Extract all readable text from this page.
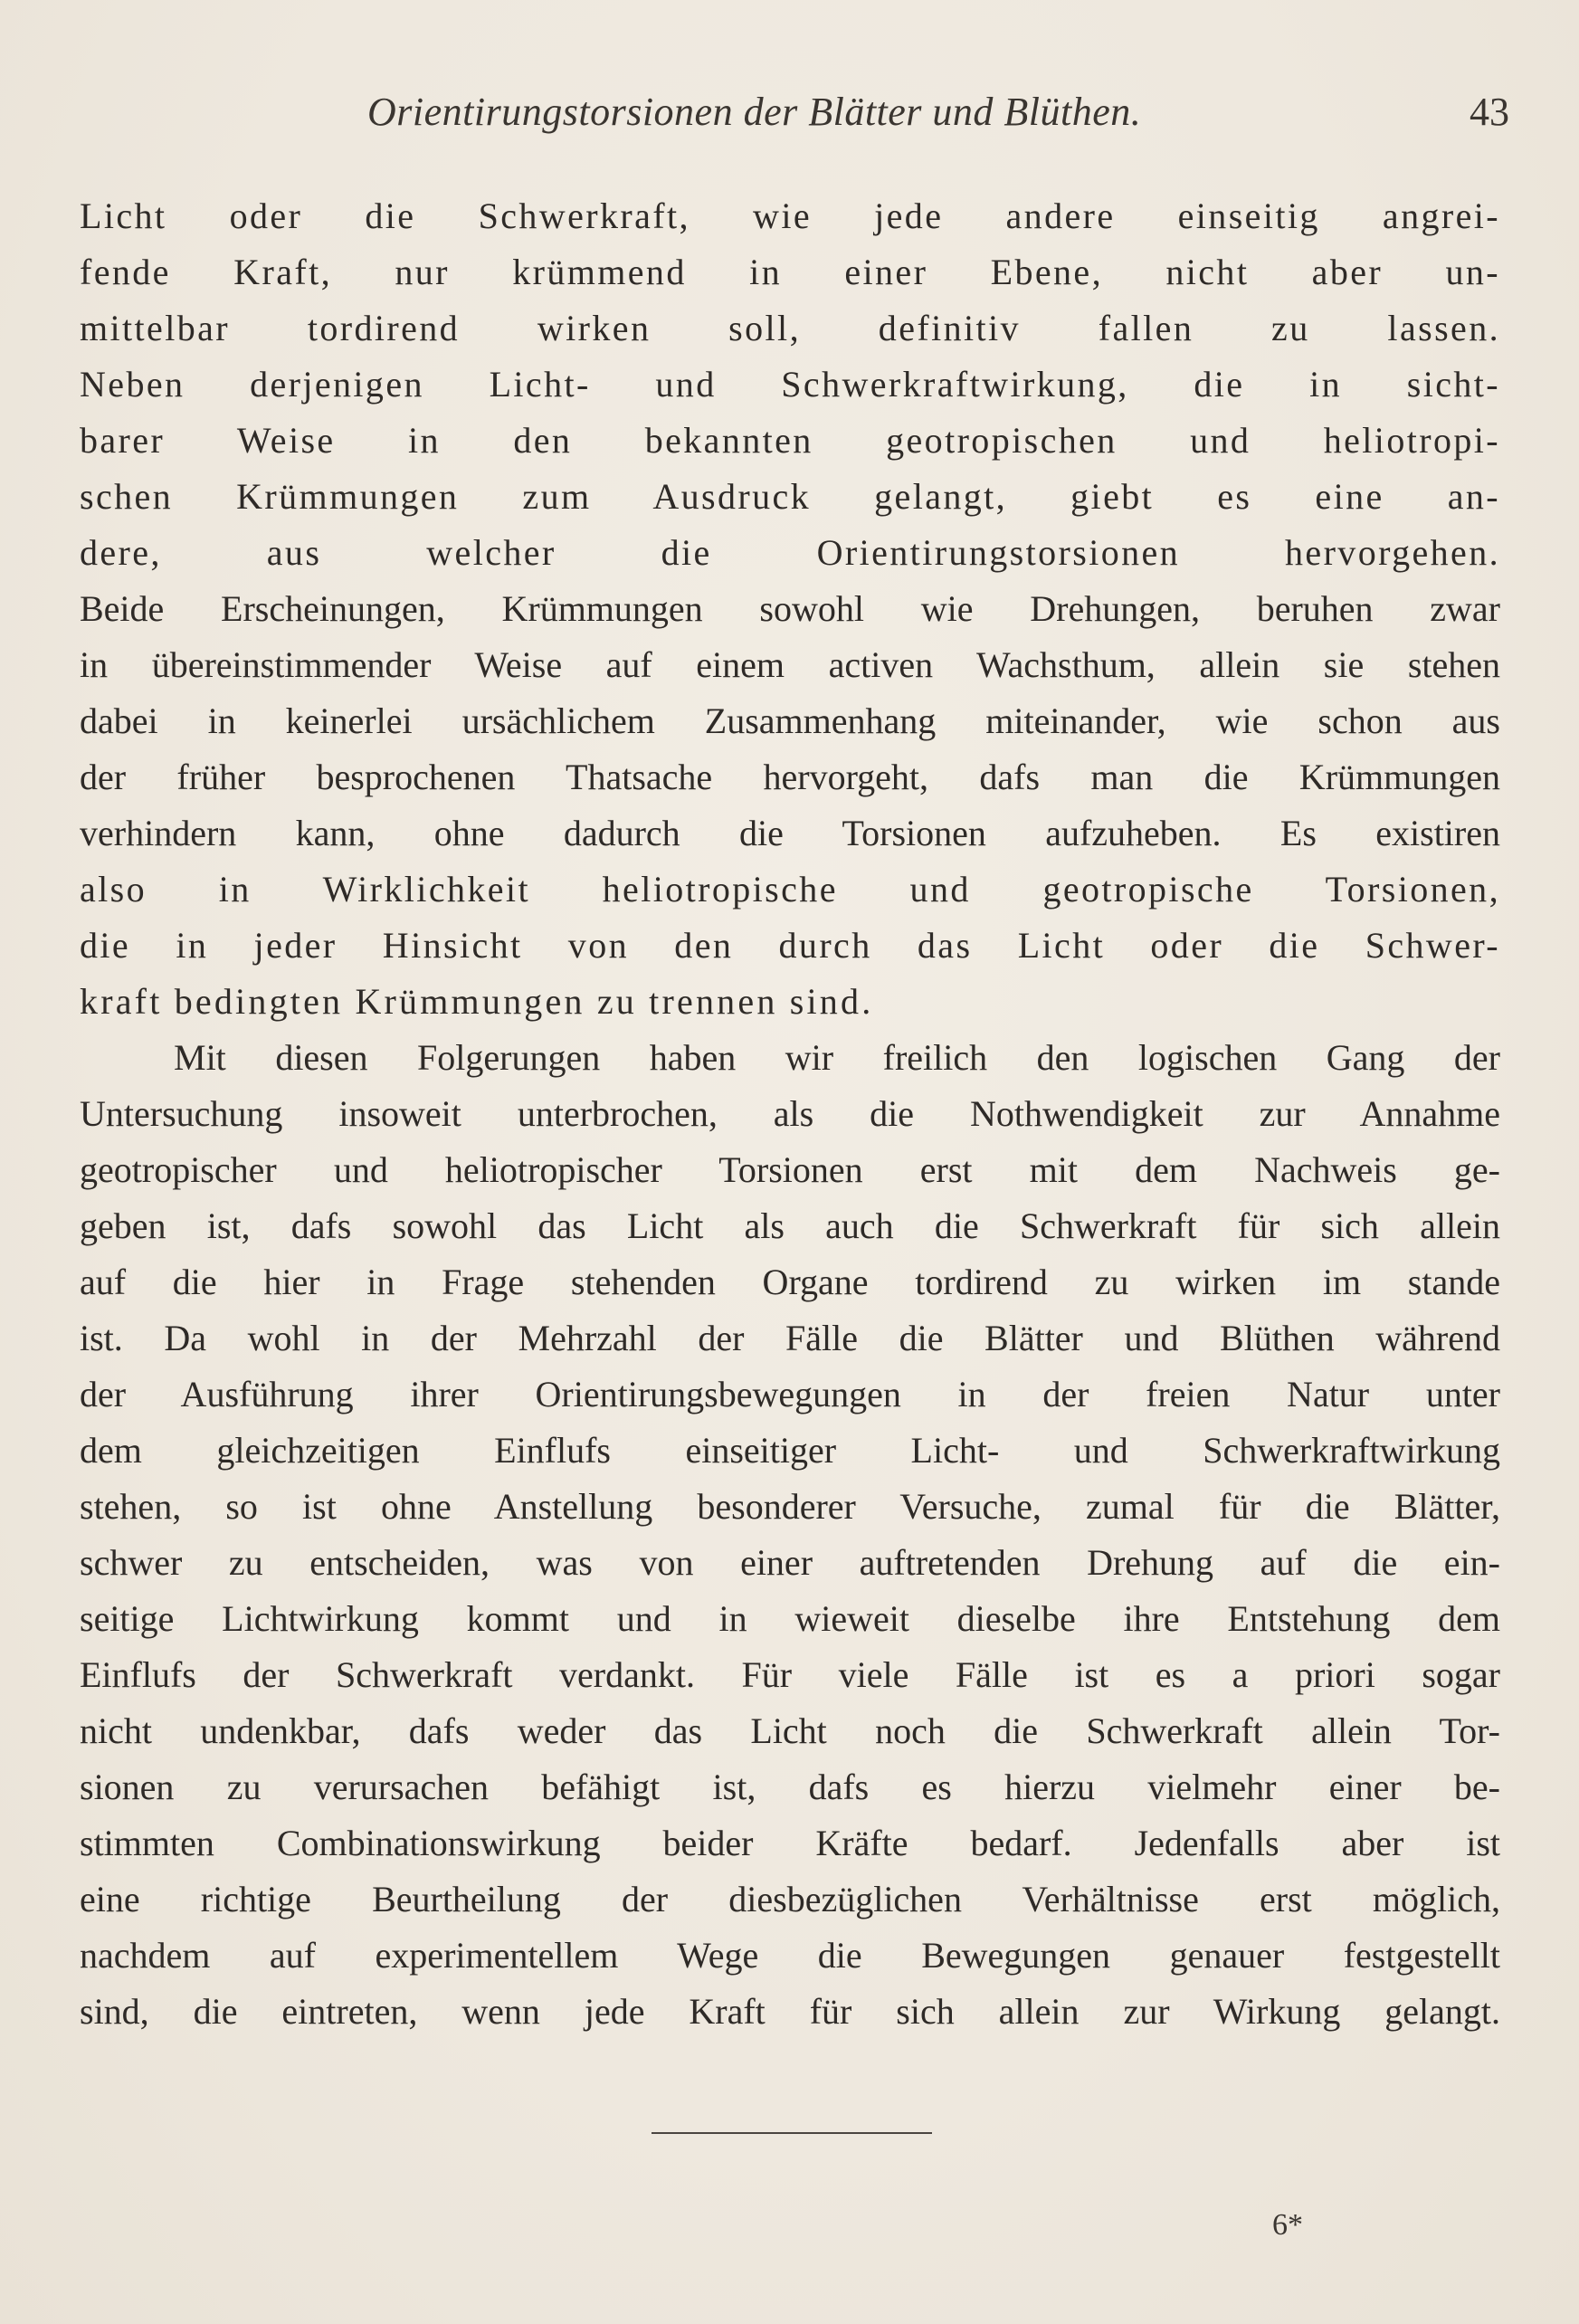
Orientirungstorsionen der Blätter und Blüthen.	43
Licht oder die Schwerkraft, wie jede andere einseitig angrei-
fende Kraft, nur krümmend in einer Ebene, nicht aber un-
mittelbar tordirend wirken soll, definitiv fallen zu lassen.
Neben derjenigen Licht- und Schwerkraftwirkung, die in sicht-
barer Weise in den bekannten geotropischen und heliotropi-
schen Krümmungen zum Ausdruck gelangt, giebt es eine an-
dere, aus welcher die Orientirungstorsionen hervorgehen.
Beide Erscheinungen, Krümmungen sowohl wie Drehungen, beruhen zwar
in übereinstimmender Weise auf einem activen Wachsthum, allein sie stehen
dabei in keinerlei ursächlichem Zusammenhang miteinander, wie schon aus
der früher besprochenen Thatsache hervorgeht, dafs man die Krümmungen
verhindern kann, ohne dadurch die Torsionen aufzuheben. Es existiren
also in Wirklichkeit heliotropische und geotropische Torsionen,
die in jeder Hinsicht von den durch das Licht oder die Schwer-
kraft bedingten Krümmungen zu trennen sind.
Mit diesen Folgerungen haben wir freilich den logischen Gang der
Untersuchung insoweit unterbrochen, als die Nothwendigkeit zur Annahme
geotropischer und heliotropischer Torsionen erst mit dem Nachweis ge-
geben ist, dafs sowohl das Licht als auch die Schwerkraft für sich allein
auf die hier in Frage stehenden Organe tordirend zu wirken im stande
ist. Da wohl in der Mehrzahl der Fälle die Blätter und Blüthen während
der Ausführung ihrer Orientirungsbewegungen in der freien Natur unter
dem gleichzeitigen Einflufs einseitiger Licht- und Schwerkraftwirkung
stehen, so ist ohne Anstellung besonderer Versuche, zumal für die Blätter,
schwer zu entscheiden, was von einer auftretenden Drehung auf die ein-
seitige Lichtwirkung kommt und in wieweit dieselbe ihre Entstehung dem
Einflufs der Schwerkraft verdankt. Für viele Fälle ist es a priori sogar
nicht undenkbar, dafs weder das Licht noch die Schwerkraft allein Tor-
sionen zu verursachen befähigt ist, dafs es hierzu vielmehr einer be-
stimmten Combinationswirkung beider Kräfte bedarf. Jedenfalls aber ist
eine richtige Beurtheilung der diesbezüglichen Verhältnisse erst möglich,
nachdem auf experimentellem Wege die Bewegungen genauer festgestellt
sind, die eintreten, wenn jede Kraft für sich allein zur Wirkung gelangt.
6*
